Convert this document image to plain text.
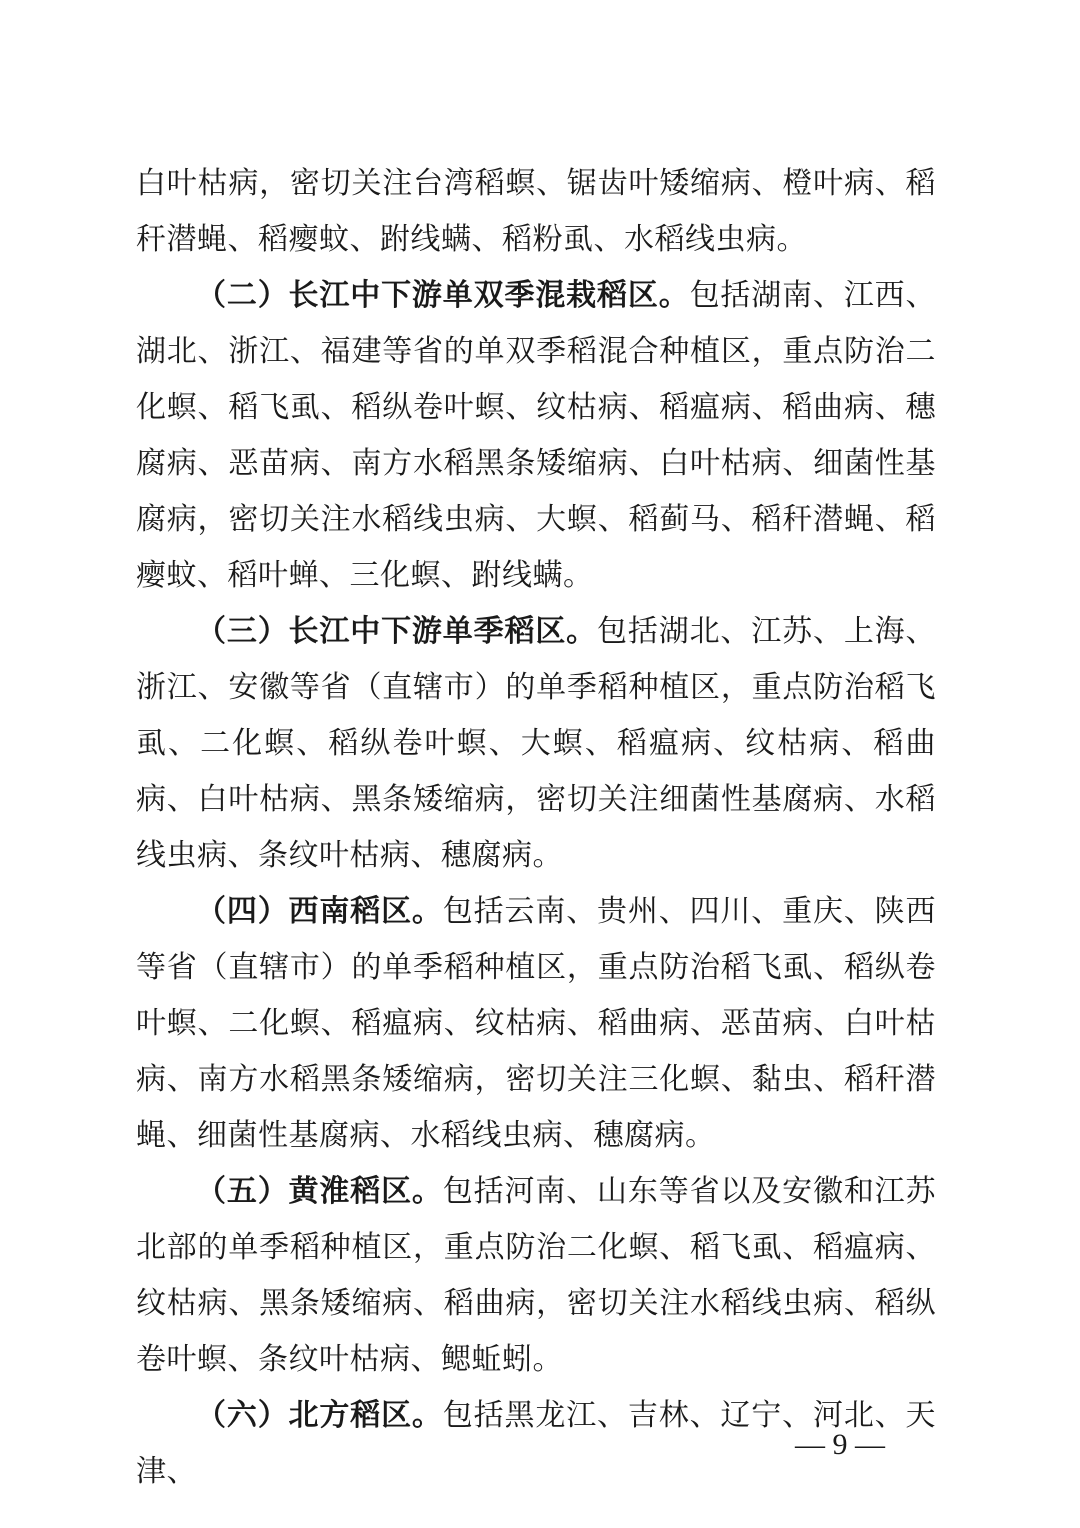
白叶枯病，密切关注台湾稻螟、锯齿叶矮缩病、橙叶病、稻秆潜蝇、稻瘿蚊、跗线螨、稻粉虱、水稻线虫病。

（二）长江中下游单双季混栽稻区。包括湖南、江西、湖北、浙江、福建等省的单双季稻混合种植区，重点防治二化螟、稻飞虱、稻纵卷叶螟、纹枯病、稻瘟病、稻曲病、穗腐病、恶苗病、南方水稻黑条矮缩病、白叶枯病、细菌性基腐病，密切关注水稻线虫病、大螟、稻蓟马、稻秆潜蝇、稻瘿蚊、稻叶蝉、三化螟、跗线螨。

（三）长江中下游单季稻区。包括湖北、江苏、上海、浙江、安徽等省（直辖市）的单季稻种植区，重点防治稻飞虱、二化螟、稻纵卷叶螟、大螟、稻瘟病、纹枯病、稻曲病、白叶枯病、黑条矮缩病，密切关注细菌性基腐病、水稻线虫病、条纹叶枯病、穗腐病。

（四）西南稻区。包括云南、贵州、四川、重庆、陕西等省（直辖市）的单季稻种植区，重点防治稻飞虱、稻纵卷叶螟、二化螟、稻瘟病、纹枯病、稻曲病、恶苗病、白叶枯病、南方水稻黑条矮缩病，密切关注三化螟、黏虫、稻秆潜蝇、细菌性基腐病、水稻线虫病、穗腐病。

（五）黄淮稻区。包括河南、山东等省以及安徽和江苏北部的单季稻种植区，重点防治二化螟、稻飞虱、稻瘟病、纹枯病、黑条矮缩病、稻曲病，密切关注水稻线虫病、稻纵卷叶螟、条纹叶枯病、鳃蚯蚓。

（六）北方稻区。包括黑龙江、吉林、辽宁、河北、天津、

— 9 —
